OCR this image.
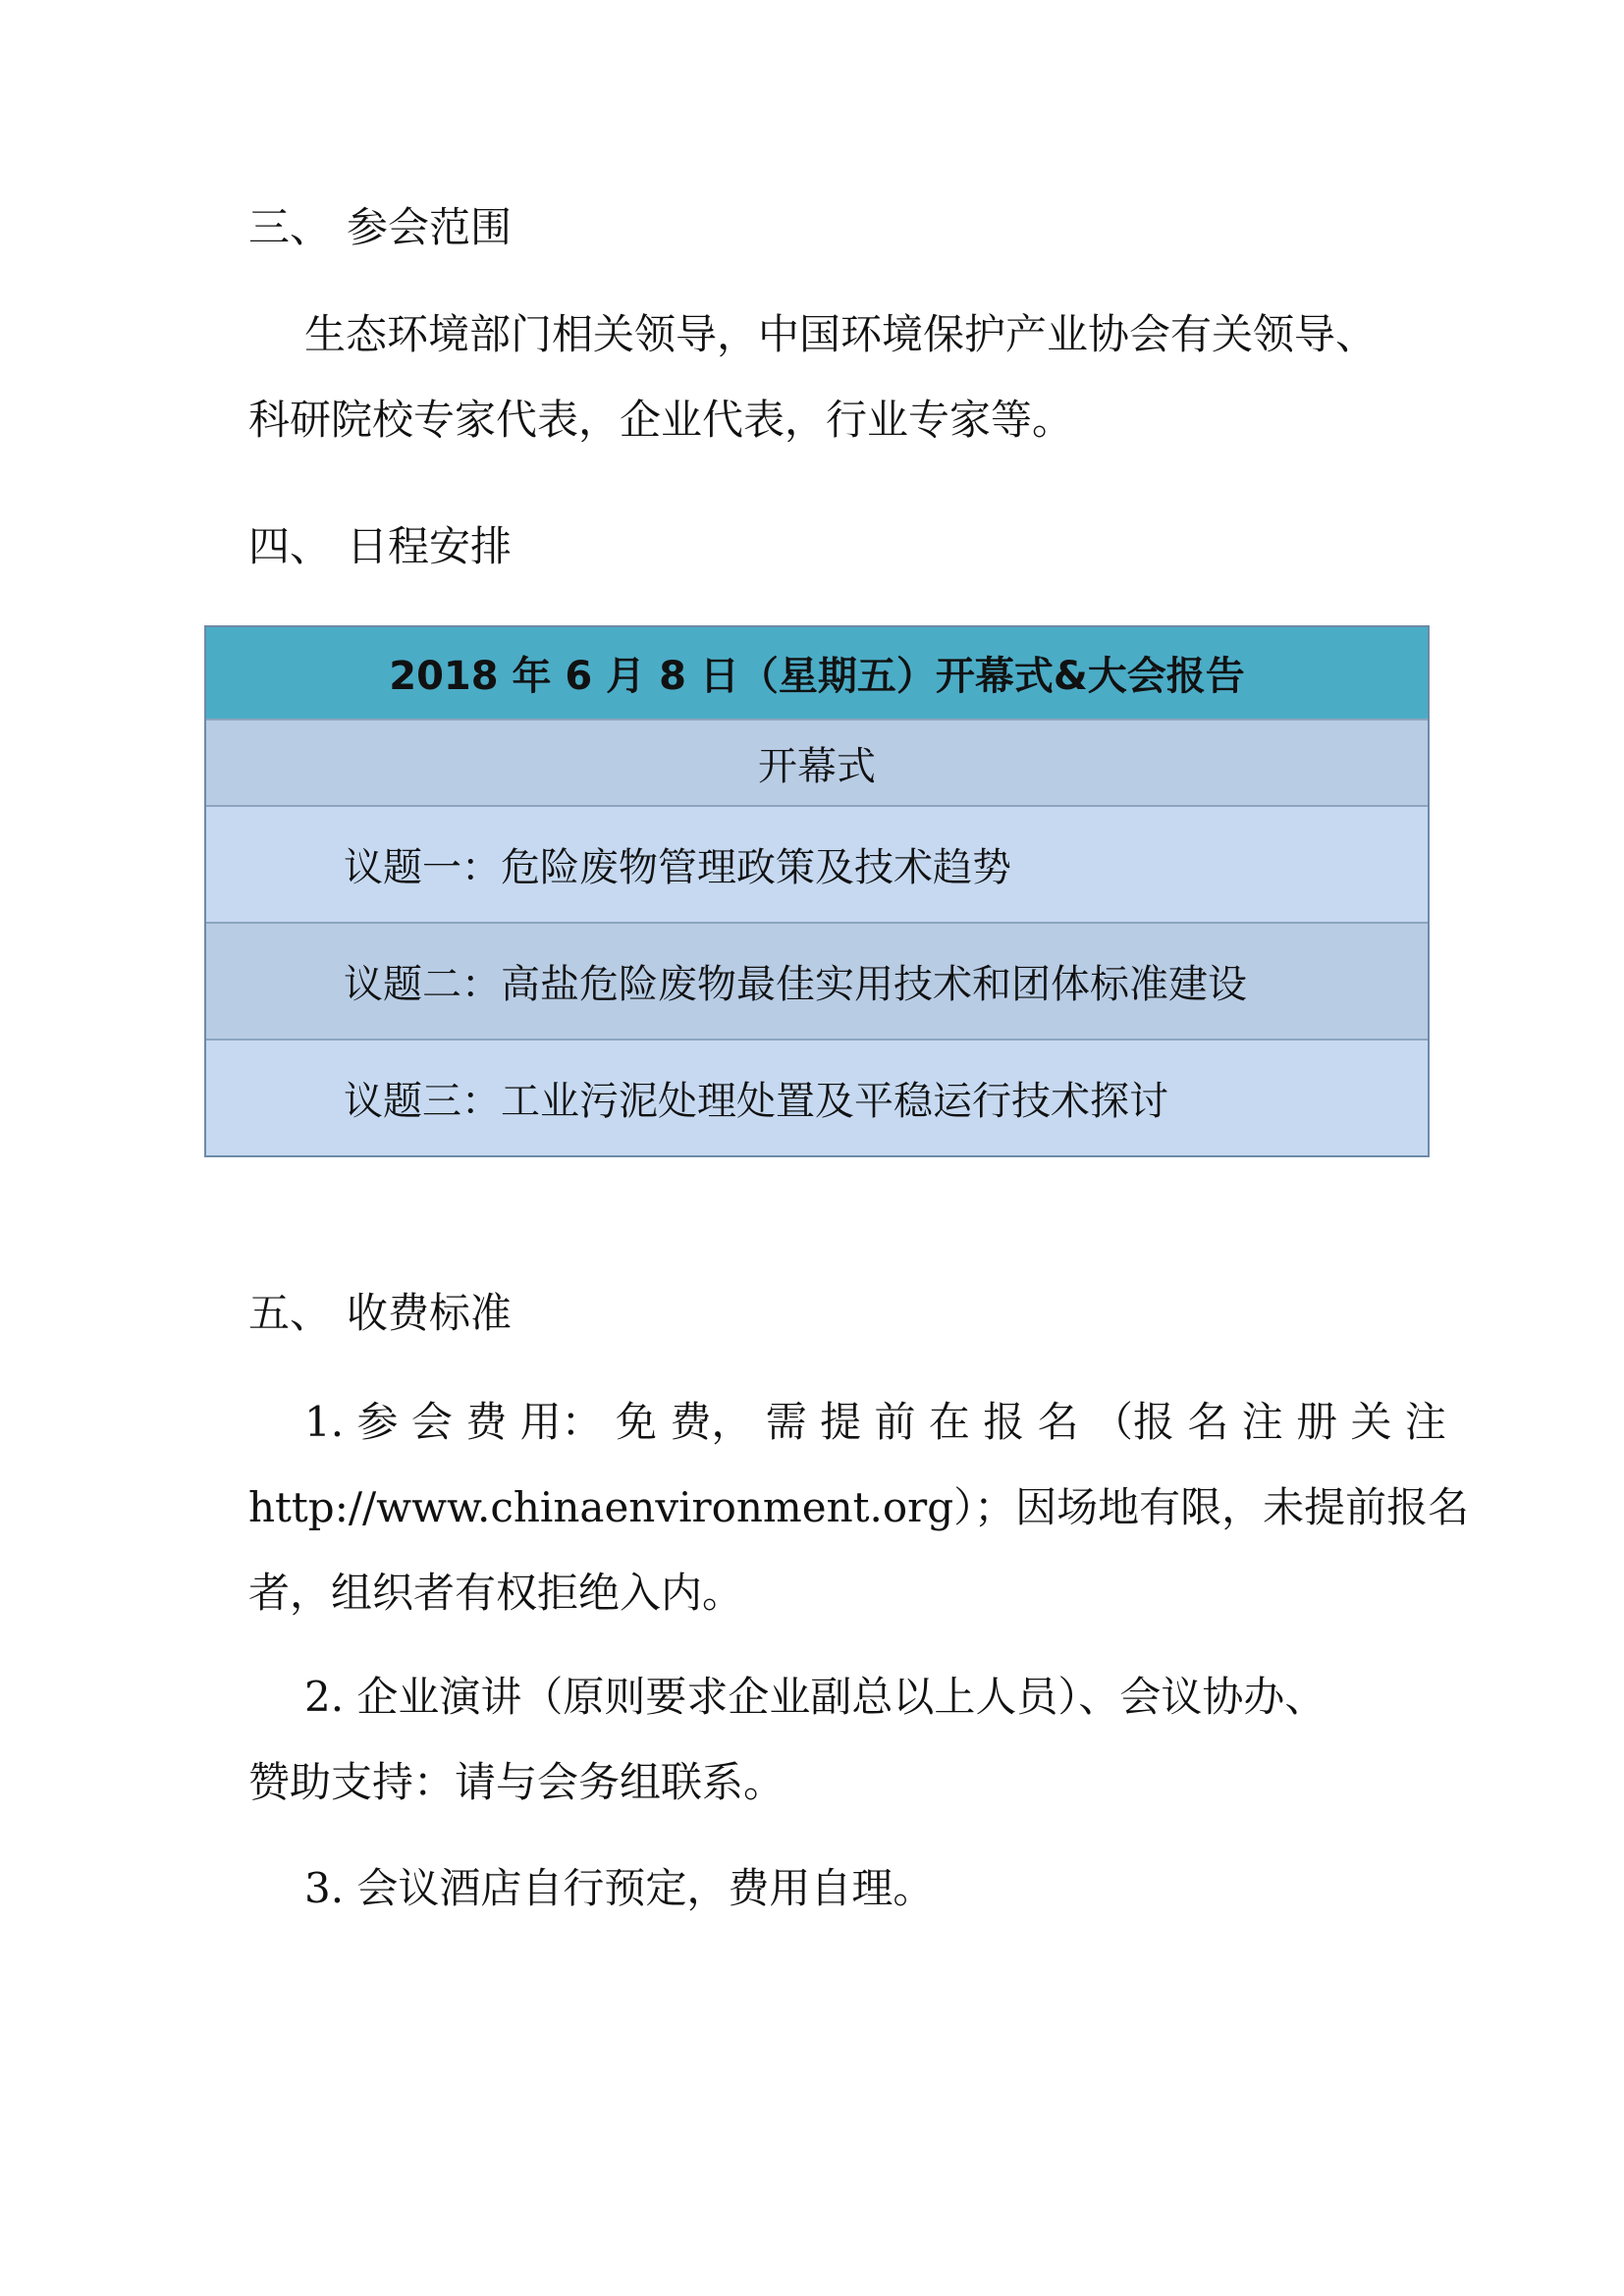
三、 参会范围
生态环境部门相关领导，中国环境保护产业协会有关领导、
科研院校专家代表，企业代表，行业专家等。
四、 日程安排
2018 年 6 月 8 日（星期五）开幕式&大会报告
开幕式
议题一：危险废物管理政策及技术趋势
议题二：高盐危险废物最佳实用技术和团体标准建设
议题三：工业污泥处理处置及平稳运行技术探讨
五、 收费标准
1. 参 会 费 用： 免 费， 需 提 前 在 报 名 （报 名 注 册 关 注
http://www.chinaenvironment.org）；因场地有限，未提前报名
者，组织者有权拒绝入内。
2. 企业演讲（原则要求企业副总以上人员）、会议协办、
赞助支持：请与会务组联系。
3. 会议酒店自行预定，费用自理。
